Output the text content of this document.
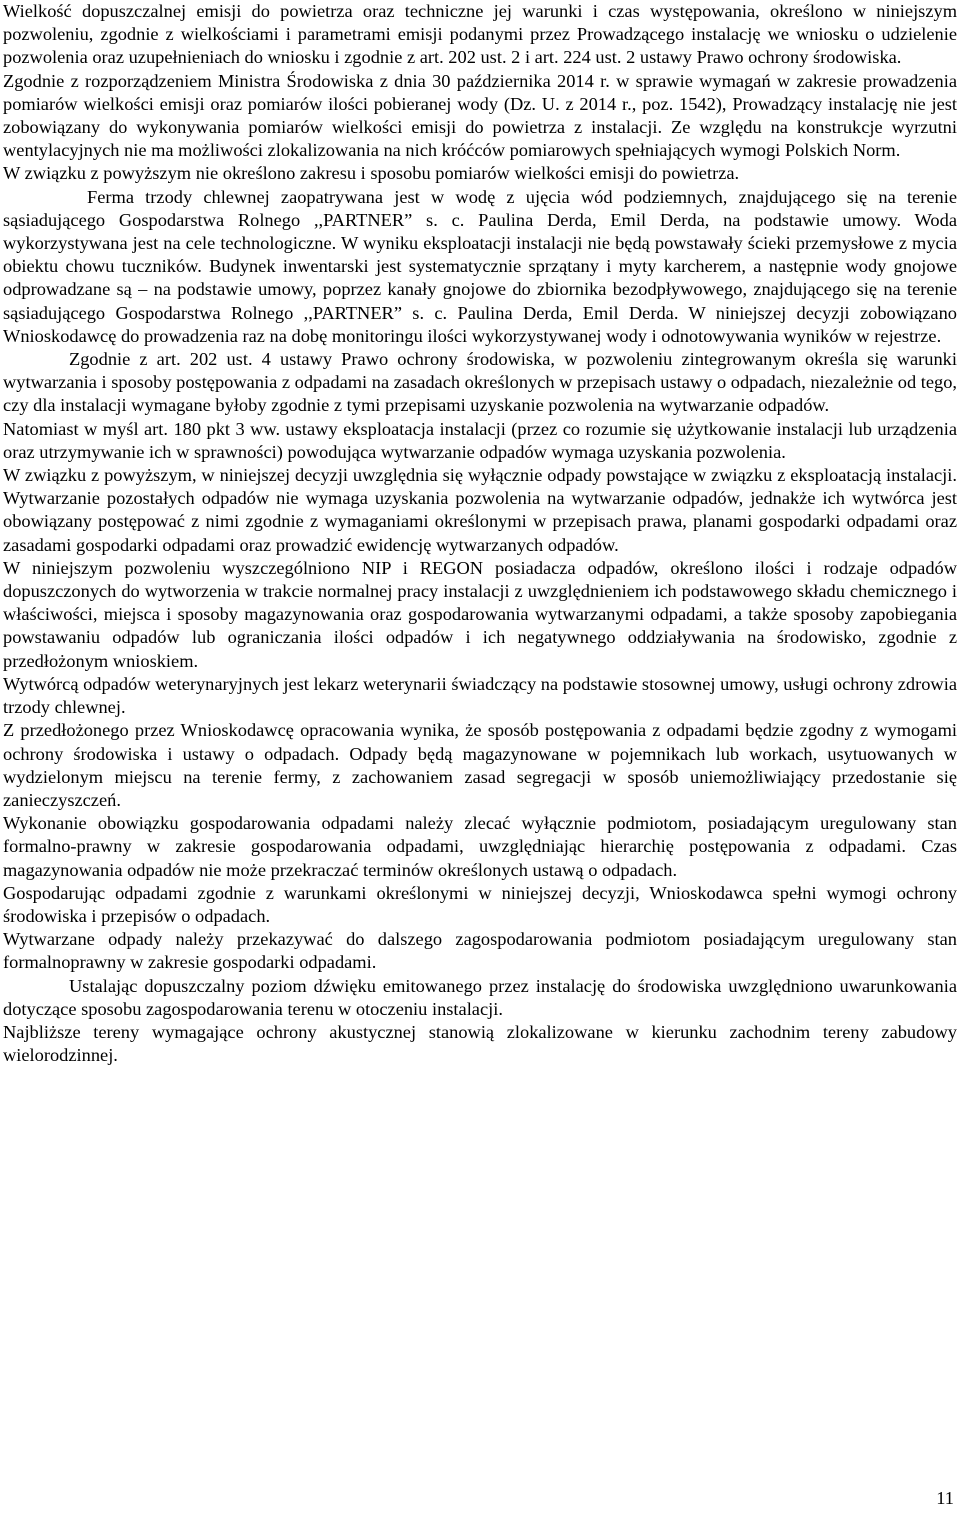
Wielkość dopuszczalnej emisji do powietrza oraz techniczne jej warunki i czas występowania, określono w niniejszym pozwoleniu, zgodnie z wielkościami i parametrami emisji podanymi przez Prowadzącego instalację we wniosku o udzielenie pozwolenia oraz uzupełnieniach do wniosku i zgodnie z art. 202 ust. 2 i art. 224 ust. 2 ustawy Prawo ochrony środowiska.

Zgodnie z rozporządzeniem Ministra Środowiska z dnia 30 października 2014 r. w sprawie wymagań w zakresie prowadzenia pomiarów wielkości emisji oraz pomiarów ilości pobieranej wody (Dz. U. z 2014 r., poz. 1542), Prowadzący instalację nie jest zobowiązany do wykonywania pomiarów wielkości emisji do powietrza z instalacji. Ze względu na konstrukcje wyrzutni wentylacyjnych nie ma możliwości zlokalizowania na nich króćców pomiarowych spełniających wymogi Polskich Norm.

W związku z powyższym nie określono zakresu i sposobu pomiarów wielkości emisji do powietrza.

Ferma trzody chlewnej zaopatrywana jest w wodę z ujęcia wód podziemnych, znajdującego się na terenie sąsiadującego Gospodarstwa Rolnego ,,PARTNER” s. c. Paulina Derda, Emil Derda, na podstawie umowy. Woda wykorzystywana jest na cele technologiczne. W wyniku eksploatacji instalacji nie będą powstawały ścieki przemysłowe z mycia obiektu chowu tuczników. Budynek inwentarski jest systematycznie sprzątany i myty karcherem, a następnie wody gnojowe odprowadzane są – na podstawie umowy, poprzez kanały gnojowe do zbiornika bezodpływowego, znajdującego się na terenie sąsiadującego Gospodarstwa Rolnego ,,PARTNER” s. c. Paulina Derda, Emil Derda. W niniejszej decyzji zobowiązano Wnioskodawcę do prowadzenia raz na dobę monitoringu ilości wykorzystywanej wody i odnotowywania wyników w rejestrze.

Zgodnie z art. 202 ust. 4 ustawy Prawo ochrony środowiska, w pozwoleniu zintegrowanym określa się warunki wytwarzania i sposoby postępowania z odpadami na zasadach określonych w przepisach ustawy o odpadach, niezależnie od tego, czy dla instalacji wymagane byłoby zgodnie z tymi przepisami uzyskanie pozwolenia na wytwarzanie odpadów.

Natomiast w myśl art. 180 pkt 3 ww. ustawy eksploatacja instalacji (przez co rozumie się użytkowanie instalacji lub urządzenia oraz utrzymywanie ich w sprawności) powodująca wytwarzanie odpadów wymaga uzyskania pozwolenia.

W związku z powyższym, w niniejszej decyzji uwzględnia się wyłącznie odpady powstające w związku z eksploatacją instalacji. Wytwarzanie pozostałych odpadów nie wymaga uzyskania pozwolenia na wytwarzanie odpadów, jednakże ich wytwórca jest obowiązany postępować z nimi zgodnie z wymaganiami określonymi w przepisach prawa, planami gospodarki odpadami oraz zasadami gospodarki odpadami oraz prowadzić ewidencję wytwarzanych odpadów.

W niniejszym pozwoleniu wyszczególniono NIP i REGON posiadacza odpadów, określono ilości i rodzaje odpadów dopuszczonych do wytworzenia w trakcie normalnej pracy instalacji z uwzględnieniem ich podstawowego składu chemicznego i właściwości, miejsca i sposoby magazynowania oraz gospodarowania wytwarzanymi odpadami, a także sposoby zapobiegania powstawaniu odpadów lub ograniczania ilości odpadów i ich negatywnego oddziaływania na środowisko, zgodnie z przedłożonym wnioskiem.

Wytwórcą odpadów weterynaryjnych jest lekarz weterynarii świadczący na podstawie stosownej umowy, usługi ochrony zdrowia trzody chlewnej.

Z przedłożonego przez Wnioskodawcę opracowania wynika, że sposób postępowania z odpadami będzie zgodny z wymogami ochrony środowiska i ustawy o odpadach. Odpady będą magazynowane w pojemnikach lub workach, usytuowanych w wydzielonym miejscu na terenie fermy, z zachowaniem zasad segregacji w sposób uniemożliwiający przedostanie się zanieczyszczeń.

Wykonanie obowiązku gospodarowania odpadami należy zlecać wyłącznie podmiotom, posiadającym uregulowany stan formalno-prawny w zakresie gospodarowania odpadami, uwzględniając hierarchię postępowania z odpadami. Czas magazynowania odpadów nie może przekraczać terminów określonych ustawą o odpadach.

Gospodarując odpadami zgodnie z warunkami określonymi w niniejszej decyzji, Wnioskodawca spełni wymogi ochrony środowiska i przepisów o odpadach.

Wytwarzane odpady należy przekazywać do dalszego zagospodarowania podmiotom posiadającym uregulowany stan formalnoprawny w zakresie gospodarki odpadami.

Ustalając dopuszczalny poziom dźwięku emitowanego przez instalację do środowiska uwzględniono uwarunkowania dotyczące sposobu zagospodarowania terenu w otoczeniu instalacji.

Najbliższe tereny wymagające ochrony akustycznej stanowią zlokalizowane w kierunku zachodnim tereny zabudowy wielorodzinnej.

11
